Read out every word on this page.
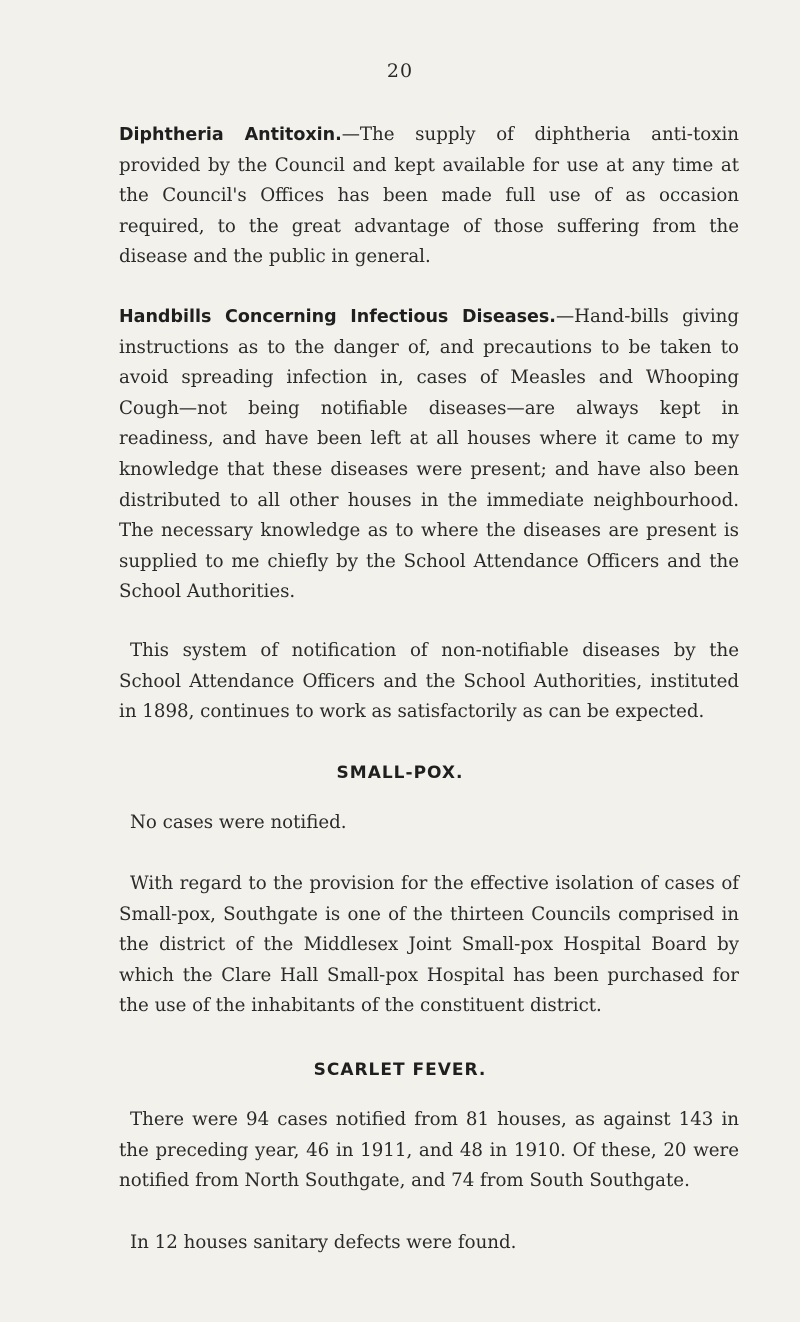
20

Diphtheria Antitoxin.—The supply of diphtheria anti-toxin provided by the Council and kept available for use at any time at the Council's Offices has been made full use of as occasion required, to the great advantage of those suffering from the disease and the public in general.

Handbills Concerning Infectious Diseases.—Hand-bills giving instructions as to the danger of, and precautions to be taken to avoid spreading infection in, cases of Measles and Whooping Cough—not being notifiable diseases—are always kept in readiness, and have been left at all houses where it came to my knowledge that these diseases were present; and have also been distributed to all other houses in the immediate neighbourhood. The necessary knowledge as to where the diseases are present is supplied to me chiefly by the School Attendance Officers and the School Authorities.

This system of notification of non-notifiable diseases by the School Attendance Officers and the School Authorities, instituted in 1898, continues to work as satisfactorily as can be expected.

SMALL-POX.

No cases were notified.

With regard to the provision for the effective isolation of cases of Small-pox, Southgate is one of the thirteen Councils comprised in the district of the Middlesex Joint Small-pox Hospital Board by which the Clare Hall Small-pox Hospital has been purchased for the use of the inhabitants of the constituent district.

SCARLET FEVER.

There were 94 cases notified from 81 houses, as against 143 in the preceding year, 46 in 1911, and 48 in 1910. Of these, 20 were notified from North Southgate, and 74 from South Southgate.

In 12 houses sanitary defects were found.
